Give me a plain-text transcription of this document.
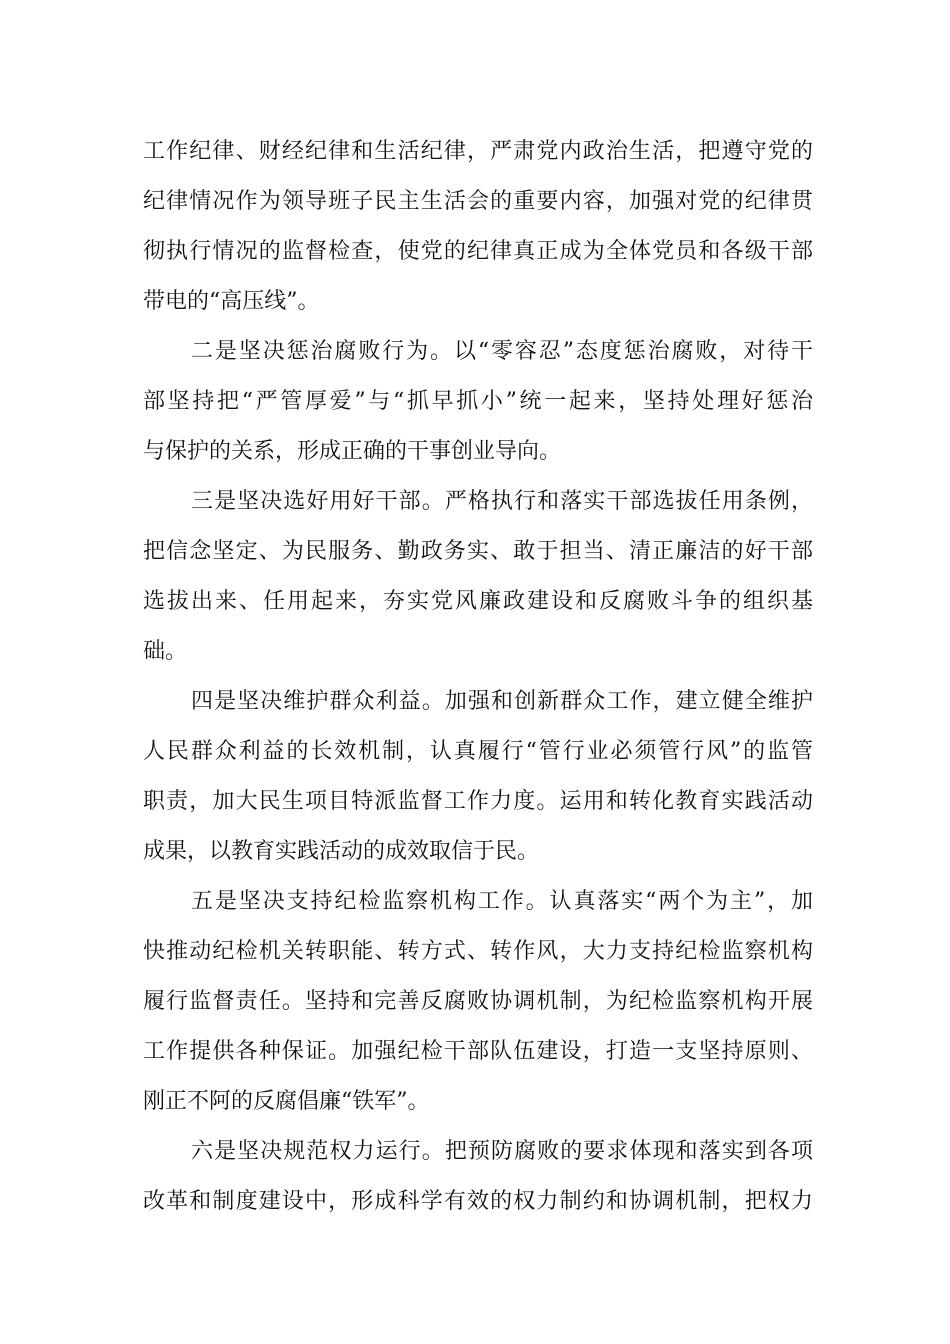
工作纪律、财经纪律和生活纪律，严肃党内政治生活，把遵守党的
纪律情况作为领导班子民主生活会的重要内容，加强对党的纪律贯
彻执行情况的监督检查，使党的纪律真正成为全体党员和各级干部
带电的“高压线”。
二是坚决惩治腐败行为。以“零容忍”态度惩治腐败，对待干
部坚持把“严管厚爱”与“抓早抓小”统一起来，坚持处理好惩治
与保护的关系，形成正确的干事创业导向。
三是坚决选好用好干部。严格执行和落实干部选拔任用条例，
把信念坚定、为民服务、勤政务实、敢于担当、清正廉洁的好干部
选拔出来、任用起来，夯实党风廉政建设和反腐败斗争的组织基
础。
四是坚决维护群众利益。加强和创新群众工作，建立健全维护
人民群众利益的长效机制，认真履行“管行业必须管行风”的监管
职责，加大民生项目特派监督工作力度。运用和转化教育实践活动
成果，以教育实践活动的成效取信于民。
五是坚决支持纪检监察机构工作。认真落实“两个为主”，加
快推动纪检机关转职能、转方式、转作风，大力支持纪检监察机构
履行监督责任。坚持和完善反腐败协调机制，为纪检监察机构开展
工作提供各种保证。加强纪检干部队伍建设，打造一支坚持原则、
刚正不阿的反腐倡廉“铁军”。
六是坚决规范权力运行。把预防腐败的要求体现和落实到各项
改革和制度建设中，形成科学有效的权力制约和协调机制，把权力
